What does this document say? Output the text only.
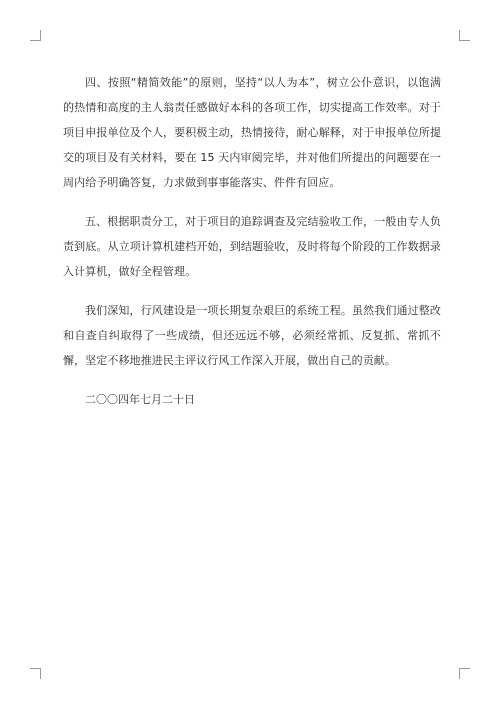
四、按照“精简效能”的原则，坚持“以人为本”，树立公仆意识，以饱满的热情和高度的主人翁责任感做好本科的各项工作，切实提高工作效率。对于项目申报单位及个人，要积极主动，热情接待，耐心解释，对于申报单位所提交的项目及有关材料，要在 15 天内审阅完毕，并对他们所提出的问题要在一周内给予明确答复，力求做到事事能落实、件件有回应。

五、根据职责分工，对于项目的追踪调查及完结验收工作，一般由专人负责到底。从立项计算机建档开始，到结题验收，及时将每个阶段的工作数据录入计算机，做好全程管理。

我们深知，行风建设是一项长期复杂艰巨的系统工程。虽然我们通过整改和自查自纠取得了一些成绩，但还远远不够，必须经常抓、反复抓、常抓不懈，坚定不移地推进民主评议行风工作深入开展，做出自己的贡献。

二〇〇四年七月二十日
